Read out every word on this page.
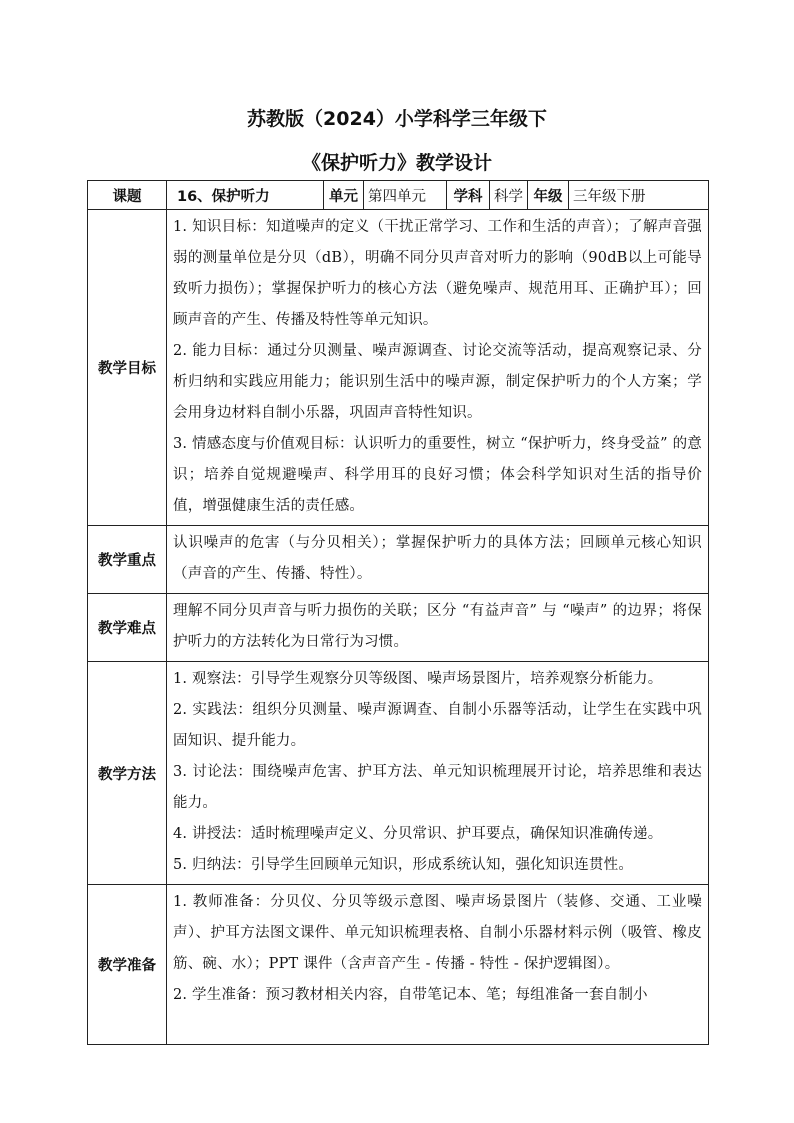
苏教版（2024）小学科学三年级下
《保护听力》教学设计
课题	16、保护听力	单元	第四单元	学科	科学	年级	三年级下册
教学目标	1. 知识目标：知道噪声的定义（干扰正常学习、工作和生活的声音）；了解声音强弱的测量单位是分贝（dB），明确不同分贝声音对听力的影响（90dB以上可能导致听力损伤）；掌握保护听力的核心方法（避免噪声、规范用耳、正确护耳）；回顾声音的产生、传播及特性等单元知识。

2. 能力目标：通过分贝测量、噪声源调查、讨论交流等活动，提高观察记录、分析归纳和实践应用能力；能识别生活中的噪声源，制定保护听力的个人方案；学会用身边材料自制小乐器，巩固声音特性知识。

3. 情感态度与价值观目标：认识听力的重要性，树立 “保护听力，终身受益” 的意识；培养自觉规避噪声、科学用耳的良好习惯；体会科学知识对生活的指导价值，增强健康生活的责任感。						

教学重点	认识噪声的危害（与分贝相关）；掌握保护听力的具体方法；回顾单元核心知识（声音的产生、传播、特性）。						

教学难点	理解不同分贝声音与听力损伤的关联；区分 “有益声音” 与 “噪声” 的边界；将保护听力的方法转化为日常行为习惯。						

教学方法	1. 观察法：引导学生观察分贝等级图、噪声场景图片，培养观察分析能力。

2. 实践法：组织分贝测量、噪声源调查、自制小乐器等活动，让学生在实践中巩固知识、提升能力。

3. 讨论法：围绕噪声危害、护耳方法、单元知识梳理展开讨论，培养思维和表达能力。

4. 讲授法：适时梳理噪声定义、分贝常识、护耳要点，确保知识准确传递。

5. 归纳法：引导学生回顾单元知识，形成系统认知，强化知识连贯性。						

教学准备	1. 教师准备：分贝仪、分贝等级示意图、噪声场景图片（装修、交通、工业噪声）、护耳方法图文课件、单元知识梳理表格、自制小乐器材料示例（吸管、橡皮筋、碗、水）；PPT 课件（含声音产生 - 传播 - 特性 - 保护逻辑图）。

2. 学生准备：预习教材相关内容，自带笔记本、笔；每组准备一套自制小						
